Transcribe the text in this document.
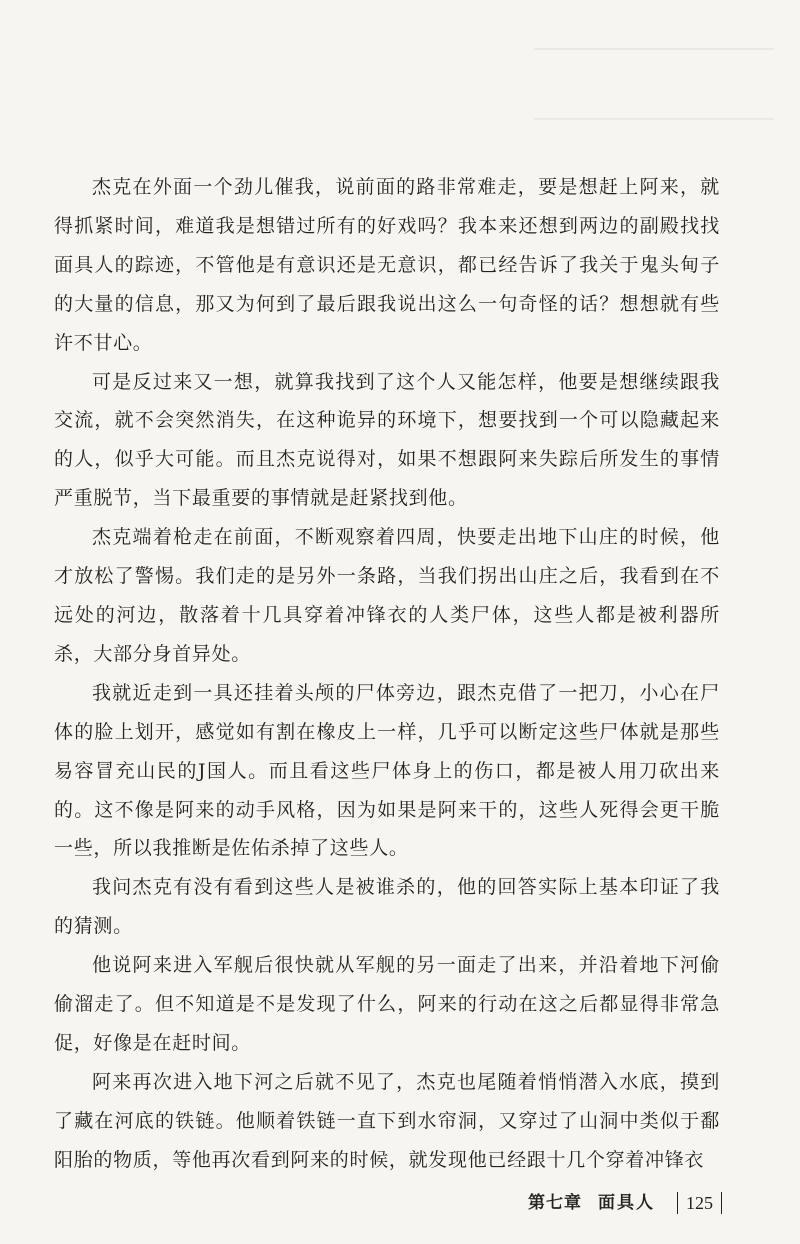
杰克在外面一个劲儿催我，说前面的路非常难走，要是想赶上阿来，就得抓紧时间，难道我是想错过所有的好戏吗？我本来还想到两边的副殿找找面具人的踪迹，不管他是有意识还是无意识，都已经告诉了我关于鬼头甸子的大量的信息，那又为何到了最后跟我说出这么一句奇怪的话？想想就有些许不甘心。

可是反过来又一想，就算我找到了这个人又能怎样，他要是想继续跟我交流，就不会突然消失，在这种诡异的环境下，想要找到一个可以隐藏起来的人，似乎大可能。而且杰克说得对，如果不想跟阿来失踪后所发生的事情严重脱节，当下最重要的事情就是赶紧找到他。

杰克端着枪走在前面，不断观察着四周，快要走出地下山庄的时候，他才放松了警惕。我们走的是另外一条路，当我们拐出山庄之后，我看到在不远处的河边，散落着十几具穿着冲锋衣的人类尸体，这些人都是被利器所杀，大部分身首异处。

我就近走到一具还挂着头颅的尸体旁边，跟杰克借了一把刀，小心在尸体的脸上划开，感觉如有割在橡皮上一样，几乎可以断定这些尸体就是那些易容冒充山民的J国人。而且看这些尸体身上的伤口，都是被人用刀砍出来的。这不像是阿来的动手风格，因为如果是阿来干的，这些人死得会更干脆一些，所以我推断是佐佑杀掉了这些人。

我问杰克有没有看到这些人是被谁杀的，他的回答实际上基本印证了我的猜测。

他说阿来进入军舰后很快就从军舰的另一面走了出来，并沿着地下河偷偷溜走了。但不知道是不是发现了什么，阿来的行动在这之后都显得非常急促，好像是在赶时间。

阿来再次进入地下河之后就不见了，杰克也尾随着悄悄潜入水底，摸到了藏在河底的铁链。他顺着铁链一直下到水帘洞，又穿过了山洞中类似于鄱阳胎的物质，等他再次看到阿来的时候，就发现他已经跟十几个穿着冲锋衣

第七章 面具人	125
